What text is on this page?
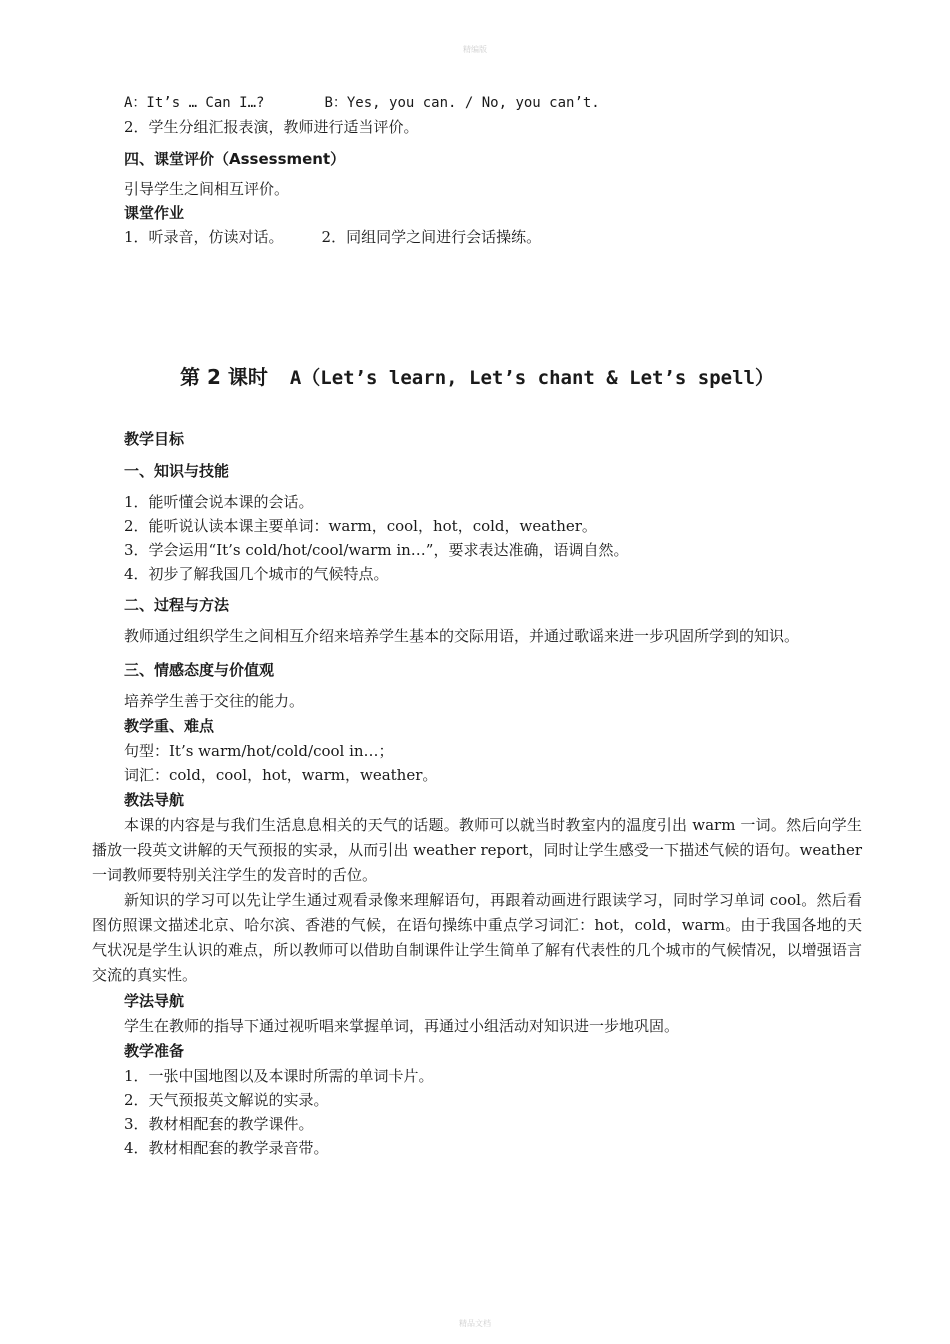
精编版
A：It’s … Can I…?	B：Yes, you can. / No, you can’t.
2．学生分组汇报表演，教师进行适当评价。
四、课堂评价（Assessment）
引导学生之间相互评价。
课堂作业
1．听录音，仿读对话。	2．同组同学之间进行会话操练。
第 2 课时 A（Let’s learn, Let’s chant & Let’s spell）
教学目标
一、知识与技能
1．能听懂会说本课的会话。
2．能听说认读本课主要单词：warm，cool，hot，cold，weather。
3．学会运用“It’s cold/hot/cool/warm in…”，要求表达准确，语调自然。
4．初步了解我国几个城市的气候特点。
二、过程与方法
教师通过组织学生之间相互介绍来培养学生基本的交际用语，并通过歌谣来进一步巩固所学到的知识。
三、情感态度与价值观
培养学生善于交往的能力。
教学重、难点
句型：It’s warm/hot/cold/cool in…；
词汇：cold，cool，hot，warm，weather。
教法导航
本课的内容是与我们生活息息相关的天气的话题。教师可以就当时教室内的温度引出 warm 一词。然后向学生播放一段英文讲解的天气预报的实录，从而引出 weather report，同时让学生感受一下描述气候的语句。weather 一词教师要特别关注学生的发音时的舌位。
新知识的学习可以先让学生通过观看录像来理解语句，再跟着动画进行跟读学习，同时学习单词 cool。然后看图仿照课文描述北京、哈尔滨、香港的气候，在语句操练中重点学习词汇：hot，cold，warm。由于我国各地的天气状况是学生认识的难点，所以教师可以借助自制课件让学生简单了解有代表性的几个城市的气候情况，以增强语言交流的真实性。
学法导航
学生在教师的指导下通过视听唱来掌握单词，再通过小组活动对知识进一步地巩固。
教学准备
1．一张中国地图以及本课时所需的单词卡片。
2．天气预报英文解说的实录。
3．教材相配套的教学课件。
4．教材相配套的教学录音带。
精品文档
